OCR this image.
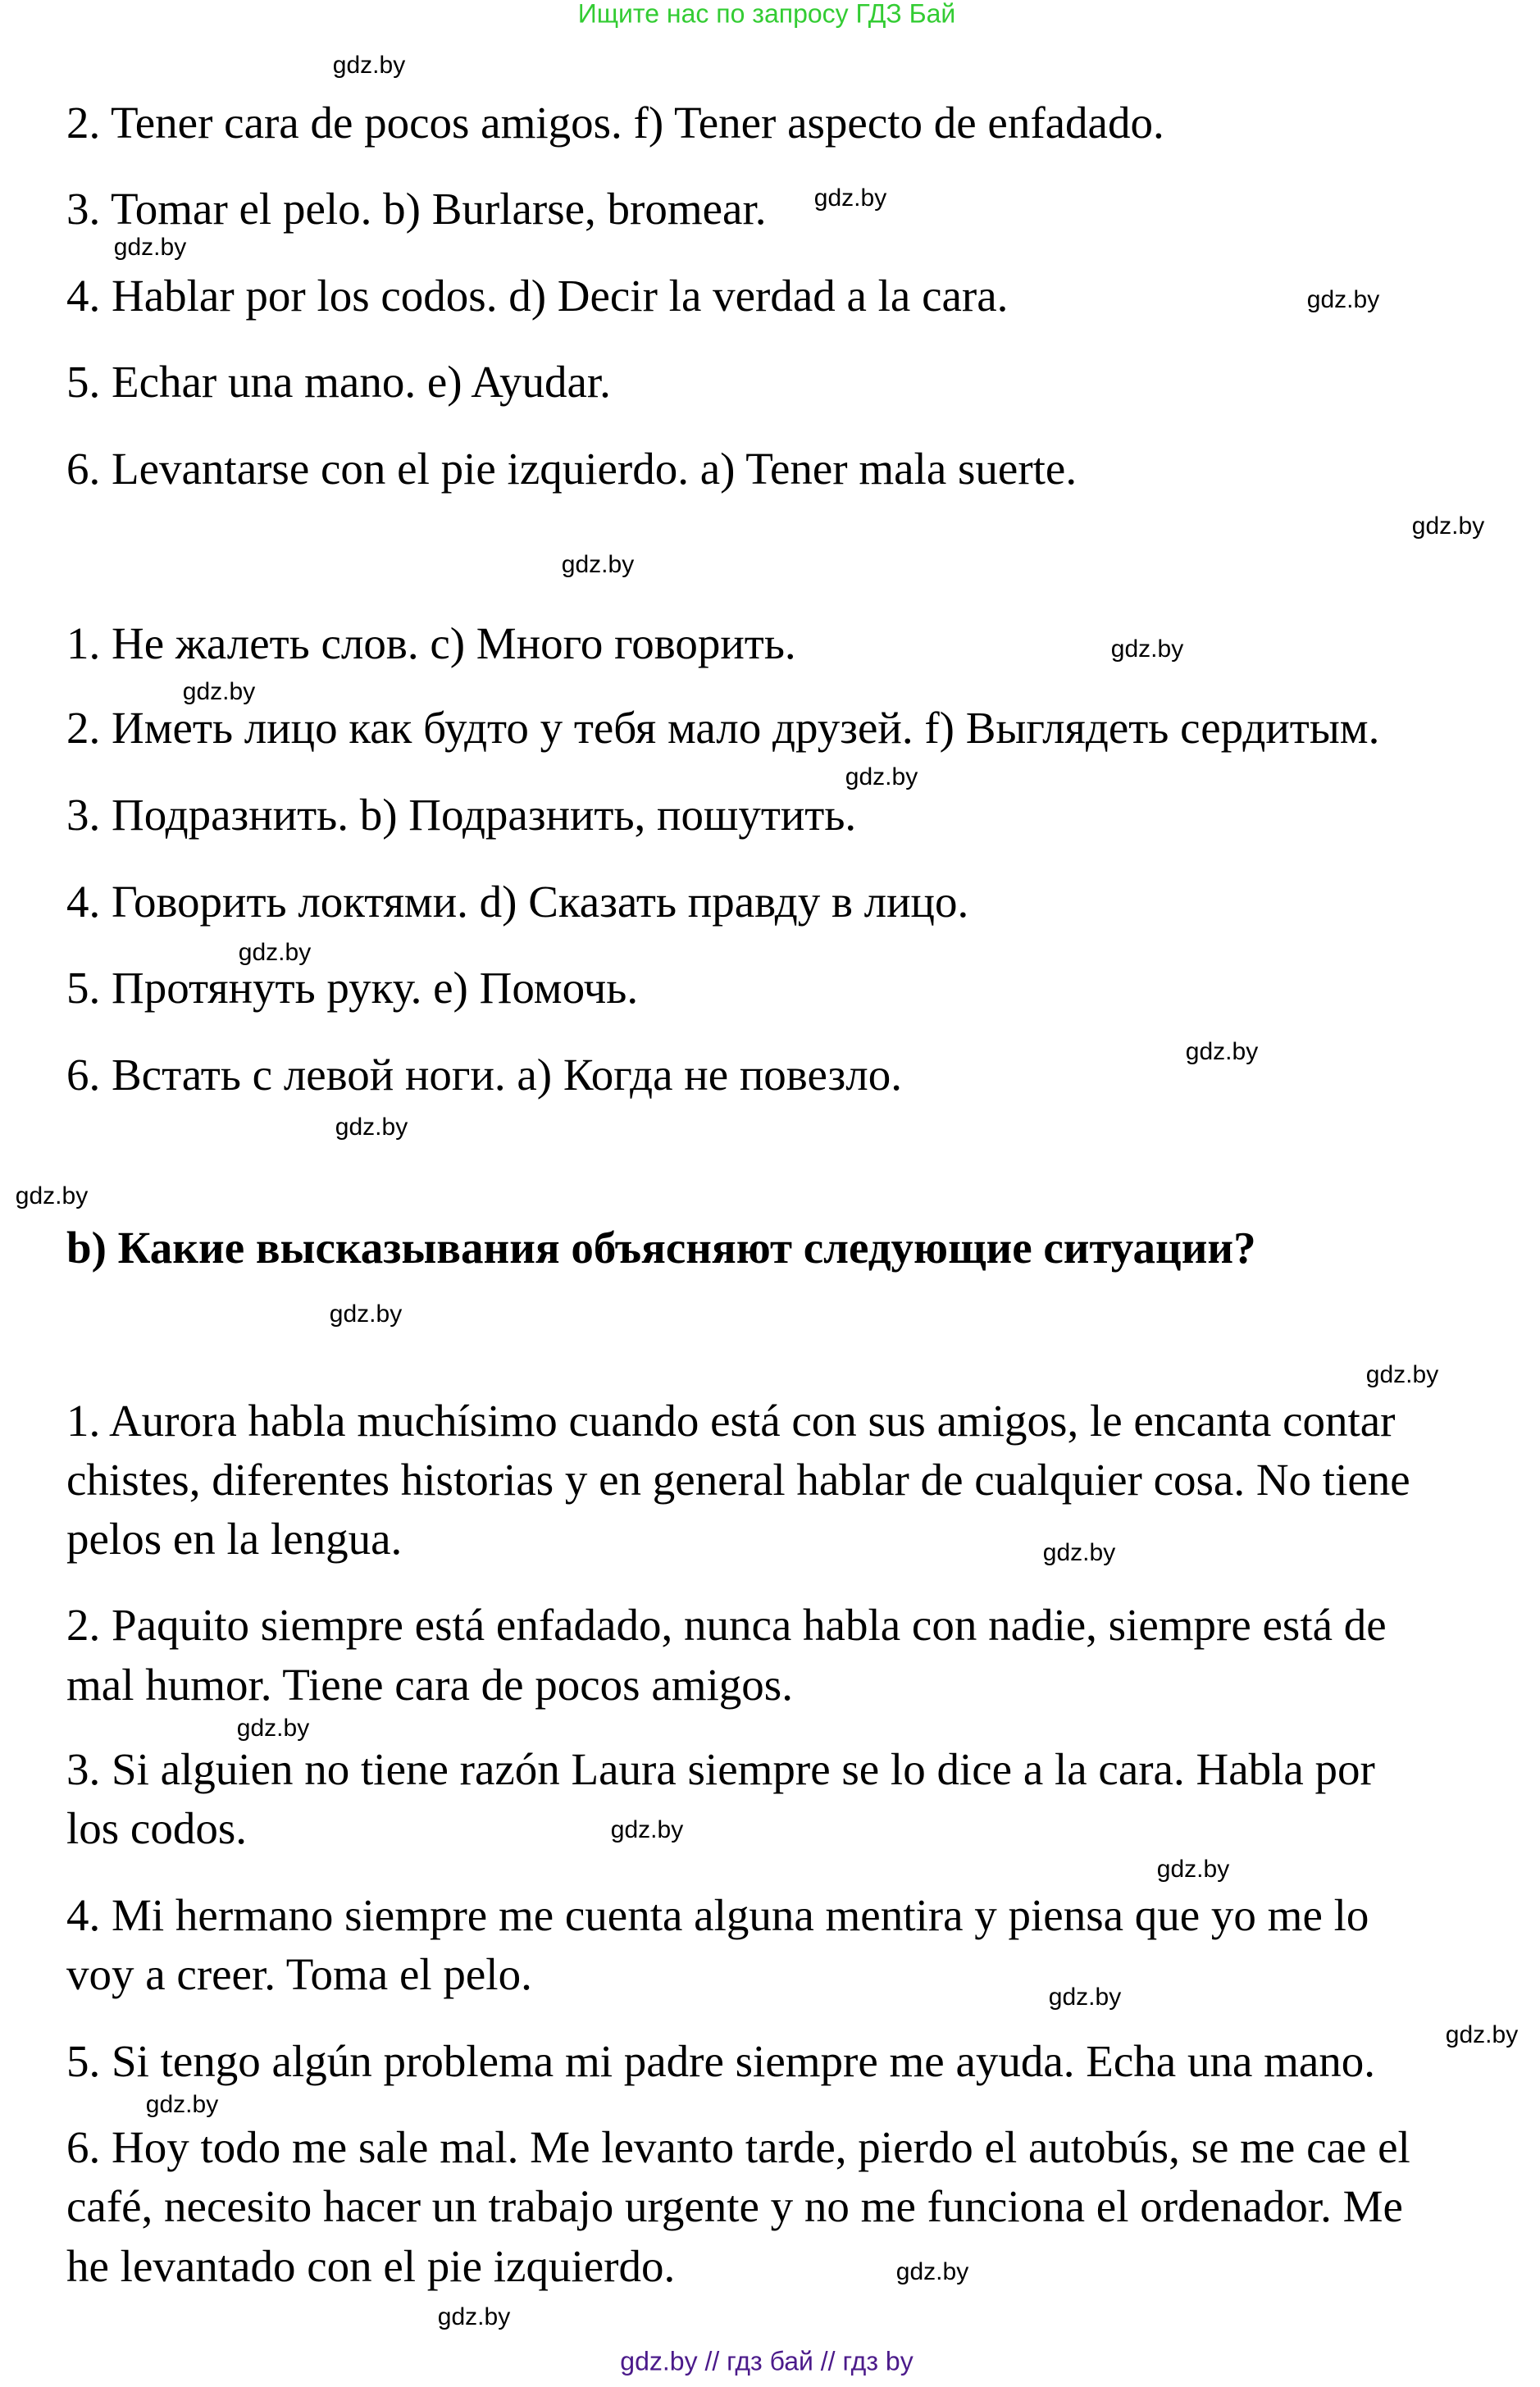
Ищите нас по запросу ГДЗ Бай
2. Tener cara de pocos amigos. f) Tener aspecto de enfadado.
3. Tomar el pelo. b) Burlarse, bromear.
4. Hablar por los codos. d) Decir la verdad a la cara.
5. Echar una mano. e) Ayudar.
6. Levantarse con el pie izquierdo. a) Tener mala suerte.
1. Не жалеть слов. с) Много говорить.
2. Иметь лицо как будто у тебя мало друзей. f) Выглядеть сердитым.
3. Подразнить. b) Подразнить, пошутить.
4. Говорить локтями. d) Сказать правду в лицо.
5. Протянуть руку. е) Помочь.
6. Встать с левой ноги. а) Когда не повезло.
b) Какие высказывания объясняют следующие ситуации?
1. Aurora habla muchísimo cuando está con sus amigos, le encanta contar
chistes, diferentes historias y en general hablar de cualquier cosa. No tiene
pelos en la lengua.
2. Paquito siempre está enfadado, nunca habla con nadie, siempre está de
mal humor. Tiene cara de pocos amigos.
3. Si alguien no tiene razón Laura siempre se lo dice a la cara. Habla por
los codos.
4. Mi hermano siempre me cuenta alguna mentira y piensa que yo me lo
voy a creer. Toma el pelo.
5. Si tengo algún problema mi padre siempre me ayuda. Echa una mano.
6. Hoy todo me sale mal. Me levanto tarde, pierdo el autobús, se me cae el
café, necesito hacer un trabajo urgente y no me funciona el ordenador. Me
he levantado con el pie izquierdo.
gdz.by
gdz.by
gdz.by
gdz.by
gdz.by
gdz.by
gdz.by
gdz.by
gdz.by
gdz.by
gdz.by
gdz.by
gdz.by
gdz.by
gdz.by
gdz.by
gdz.by
gdz.by
gdz.by
gdz.by
gdz.by
gdz.by
gdz.by
gdz.by
gdz.by // гдз бай // гдз by
